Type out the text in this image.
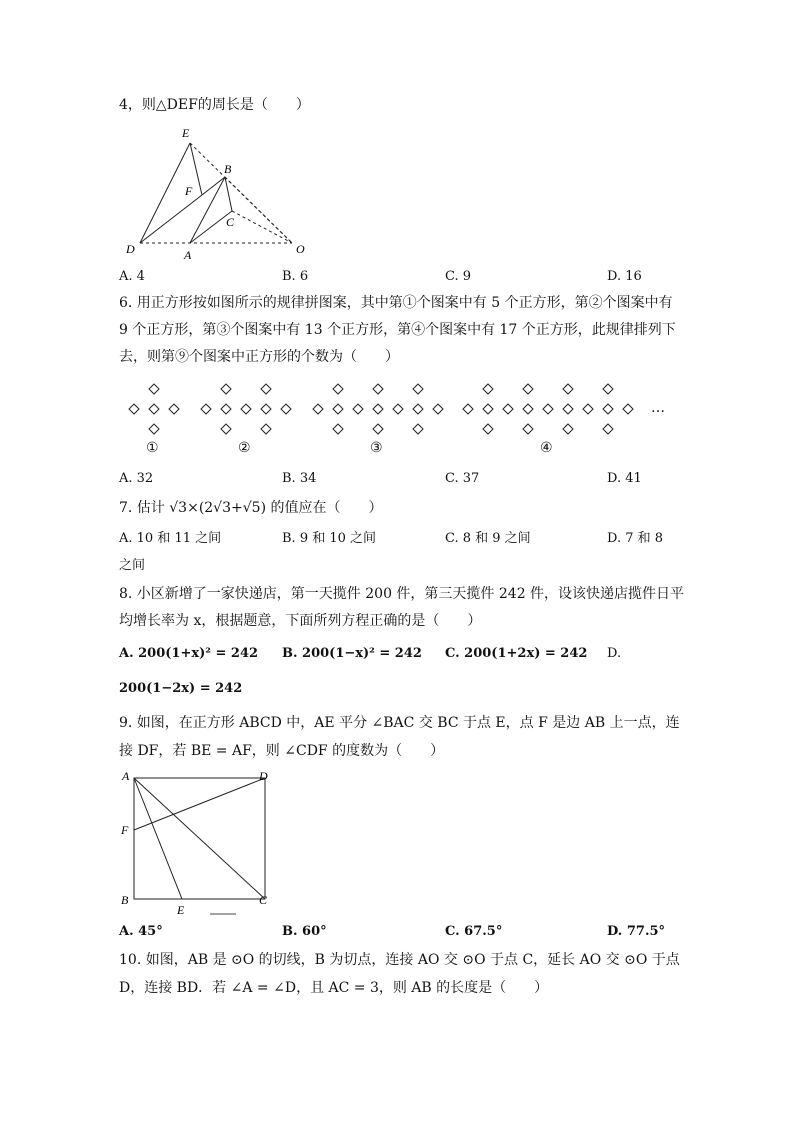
4，则△DEF的周长是（　　）
E
B
F
C
D	A	O
A. 4	B. 6	C. 9	D. 16
6. 用正方形按如图所示的规律拼图案，其中第①个图案中有 5 个正方形，第②个图案中有
9 个正方形，第③个图案中有 13 个正方形，第④个图案中有 17 个正方形，此规律排列下
去，则第⑨个图案中正方形的个数为（　　）
①	②	③	④
…
A. 32	B. 34	C. 37	D. 41
7. 估计 √3×(2√3+√5) 的值应在（　　）
A. 10 和 11 之间	B. 9 和 10 之间	C. 8 和 9 之间	D. 7 和 8
之间
8. 小区新增了一家快递店，第一天揽件 200 件，第三天揽件 242 件，设该快递店揽件日平
均增长率为 x，根据题意，下面所列方程正确的是（　　）
A. 200(1+x)² = 242 B. 200(1−x)² = 242 C. 200(1+2x) = 242 D.
200(1−2x) = 242
9. 如图，在正方形 ABCD 中，AE 平分 ∠BAC 交 BC 于点 E，点 F 是边 AB 上一点，连
接 DF，若 BE = AF，则 ∠CDF 的度数为（　　）
A	D
F
B
E
C
A. 45°	B. 60°	C. 67.5°	D. 77.5°
10. 如图，AB 是 ⊙O 的切线，B 为切点，连接 AO 交 ⊙O 于点 C，延长 AO 交 ⊙O 于点
D，连接 BD．若 ∠A = ∠D，且 AC = 3，则 AB 的长度是（　　）
